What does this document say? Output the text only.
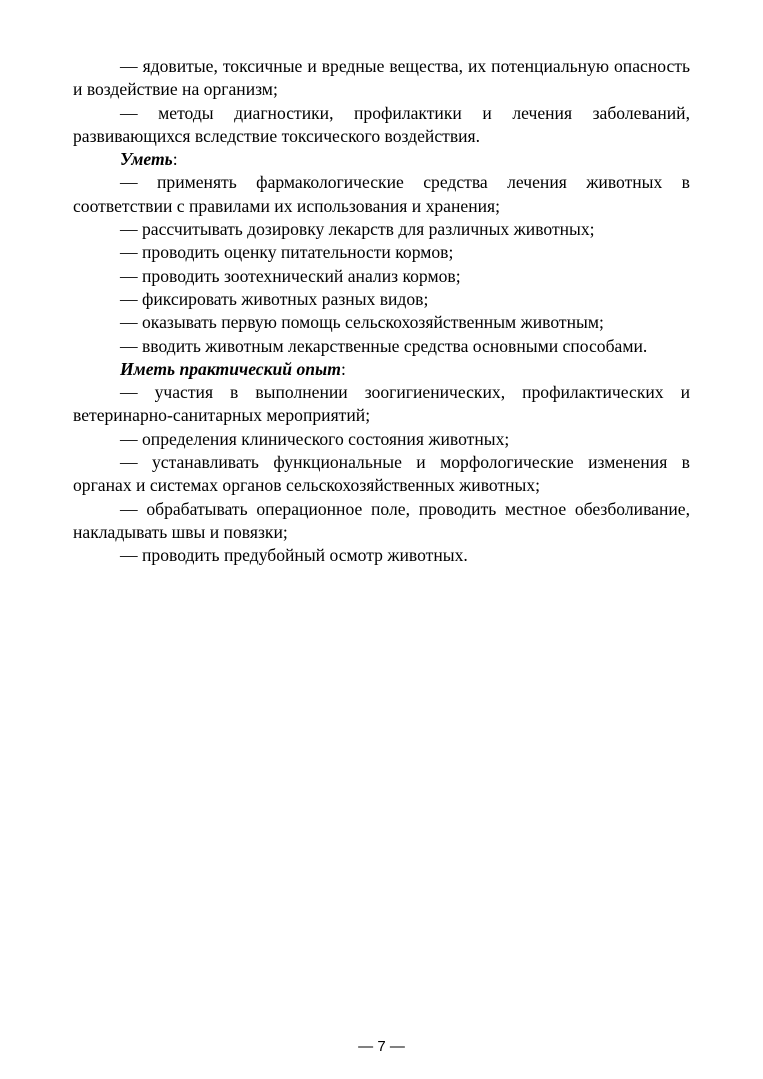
— ядовитые, токсичные и вредные вещества, их потенциальную опасность и воздействие на организм;

— методы диагностики, профилактики и лечения заболеваний, развивающихся вследствие токсического воздействия.

Уметь:

— применять фармакологические средства лечения животных в соответствии с правилами их использования и хранения;

— рассчитывать дозировку лекарств для различных животных;

— проводить оценку питательности кормов;

— проводить зоотехнический анализ кормов;

— фиксировать животных разных видов;

— оказывать первую помощь сельскохозяйственным животным;

— вводить животным лекарственные средства основными способами.

Иметь практический опыт:

— участия в выполнении зоогигиенических, профилактических и ветеринарно-санитарных мероприятий;

— определения клинического состояния животных;

— устанавливать функциональные и морфологические изменения в органах и системах органов сельскохозяйственных животных;

— обрабатывать операционное поле, проводить местное обезболивание, накладывать швы и повязки;

— проводить предубойный осмотр животных.

— 7 —
